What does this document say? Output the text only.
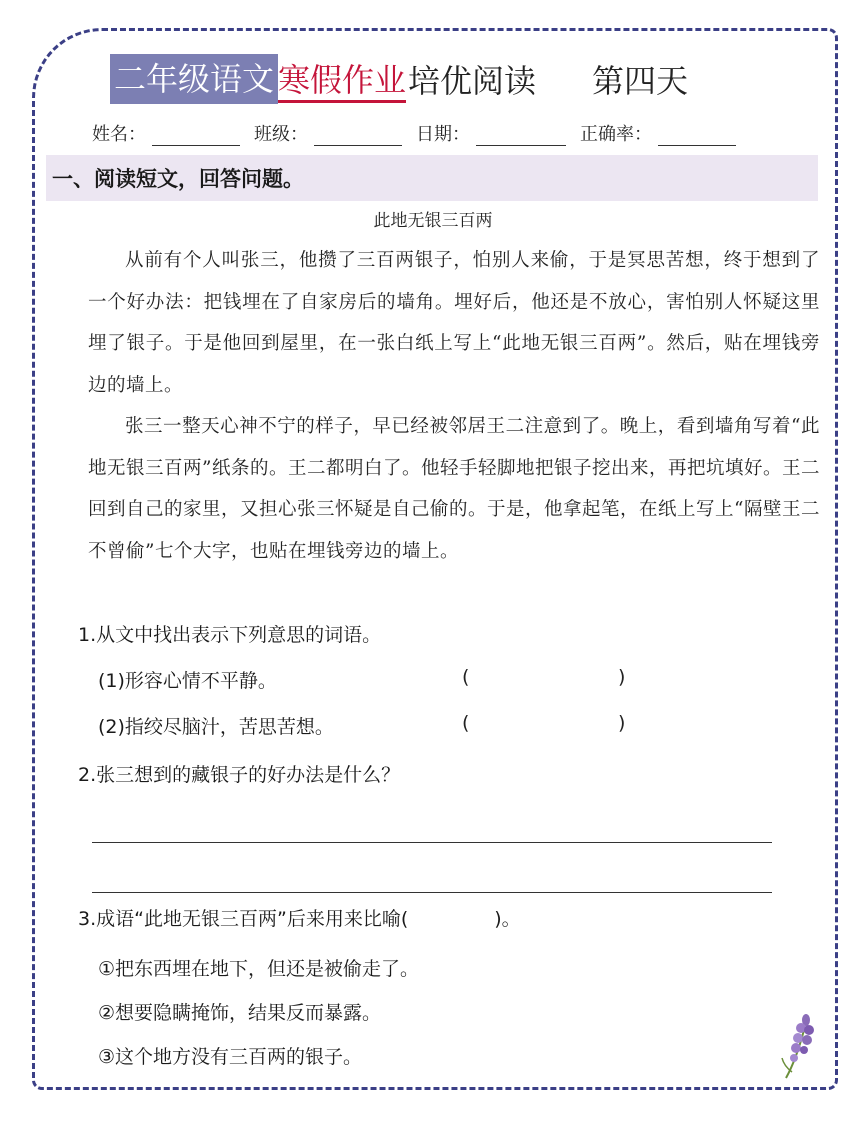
二年级语文 寒假作业 培优阅读 第四天
姓名：	班级：	日期：	正确率：
一、阅读短文，回答问题。
此地无银三百两

从前有个人叫张三，他攒了三百两银子，怕别人来偷，于是冥思苦想，终于想到了一个好办法：把钱埋在了自家房后的墙角。埋好后，他还是不放心，害怕别人怀疑这里埋了银子。于是他回到屋里，在一张白纸上写上“此地无银三百两”。然后，贴在埋钱旁边的墙上。

张三一整天心神不宁的样子，早已经被邻居王二注意到了。晚上，看到墙角写着“此地无银三百两”纸条的。王二都明白了。他轻手轻脚地把银子挖出来，再把坑填好。王二回到自己的家里，又担心张三怀疑是自己偷的。于是，他拿起笔，在纸上写上“隔壁王二不曾偷”七个大字，也贴在埋钱旁边的墙上。

1.从文中找出表示下列意思的词语。
(1)形容心情不平静。	(	)
(2)指绞尽脑汁，苦思苦想。	(	)
2.张三想到的藏银子的好办法是什么？
3.成语“此地无银三百两”后来用来比喻(	)。
①把东西埋在地下，但还是被偷走了。
②想要隐瞒掩饰，结果反而暴露。
③这个地方没有三百两的银子。
